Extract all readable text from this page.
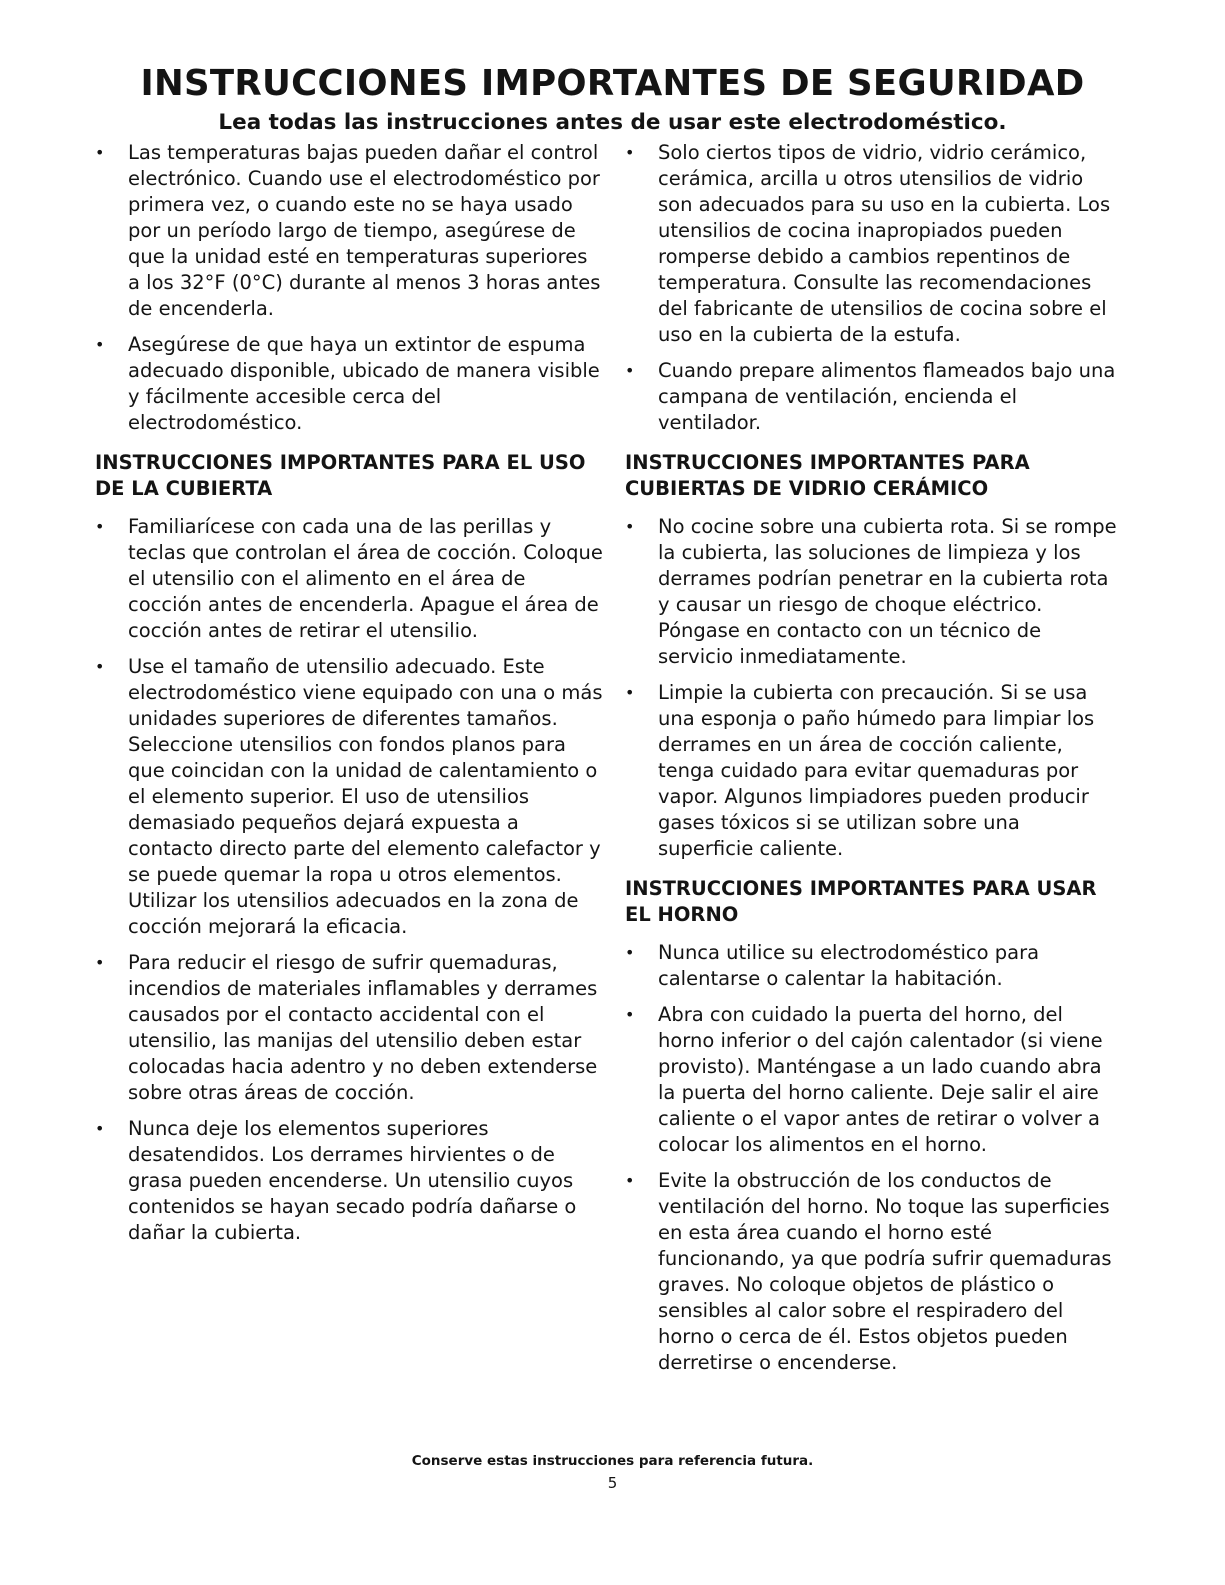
INSTRUCCIONES IMPORTANTES DE SEGURIDAD
Lea todas las instrucciones antes de usar este electrodoméstico.
• Las temperaturas bajas pueden dañar el control electrónico. Cuando use el electrodoméstico por primera vez, o cuando este no se haya usado por un período largo de tiempo, asegúrese de que la unidad esté en temperaturas superiores a los 32°F (0°C) durante al menos 3 horas antes de encenderla.
• Asegúrese de que haya un extintor de espuma adecuado disponible, ubicado de manera visible y fácilmente accesible cerca del electrodoméstico.
INSTRUCCIONES IMPORTANTES PARA EL USO DE LA CUBIERTA
• Familiarícese con cada una de las perillas y teclas que controlan el área de cocción. Coloque el utensilio con el alimento en el área de cocción antes de encenderla. Apague el área de cocción antes de retirar el utensilio.
• Use el tamaño de utensilio adecuado. Este electrodoméstico viene equipado con una o más unidades superiores de diferentes tamaños. Seleccione utensilios con fondos planos para que coincidan con la unidad de calentamiento o el elemento superior. El uso de utensilios demasiado pequeños dejará expuesta a contacto directo parte del elemento calefactor y se puede quemar la ropa u otros elementos. Utilizar los utensilios adecuados en la zona de cocción mejorará la eficacia.
• Para reducir el riesgo de sufrir quemaduras, incendios de materiales inflamables y derrames causados por el contacto accidental con el utensilio, las manijas del utensilio deben estar colocadas hacia adentro y no deben extenderse sobre otras áreas de cocción.
• Nunca deje los elementos superiores desatendidos. Los derrames hirvientes o de grasa pueden encenderse. Un utensilio cuyos contenidos se hayan secado podría dañarse o dañar la cubierta.
• Solo ciertos tipos de vidrio, vidrio cerámico, cerámica, arcilla u otros utensilios de vidrio son adecuados para su uso en la cubierta. Los utensilios de cocina inapropiados pueden romperse debido a cambios repentinos de temperatura. Consulte las recomendaciones del fabricante de utensilios de cocina sobre el uso en la cubierta de la estufa.
• Cuando prepare alimentos flameados bajo una campana de ventilación, encienda el ventilador.
INSTRUCCIONES IMPORTANTES PARA CUBIERTAS DE VIDRIO CERÁMICO
• No cocine sobre una cubierta rota. Si se rompe la cubierta, las soluciones de limpieza y los derrames podrían penetrar en la cubierta rota y causar un riesgo de choque eléctrico. Póngase en contacto con un técnico de servicio inmediatamente.
• Limpie la cubierta con precaución. Si se usa una esponja o paño húmedo para limpiar los derrames en un área de cocción caliente, tenga cuidado para evitar quemaduras por vapor. Algunos limpiadores pueden producir gases tóxicos si se utilizan sobre una superficie caliente.
INSTRUCCIONES IMPORTANTES PARA USAR EL HORNO
• Nunca utilice su electrodoméstico para calentarse o calentar la habitación.
• Abra con cuidado la puerta del horno, del horno inferior o del cajón calentador (si viene provisto). Manténgase a un lado cuando abra la puerta del horno caliente. Deje salir el aire caliente o el vapor antes de retirar o volver a colocar los alimentos en el horno.
• Evite la obstrucción de los conductos de ventilación del horno. No toque las superficies en esta área cuando el horno esté funcionando, ya que podría sufrir quemaduras graves. No coloque objetos de plástico o sensibles al calor sobre el respiradero del horno o cerca de él. Estos objetos pueden derretirse o encenderse.

Conserve estas instrucciones para referencia futura.

5
